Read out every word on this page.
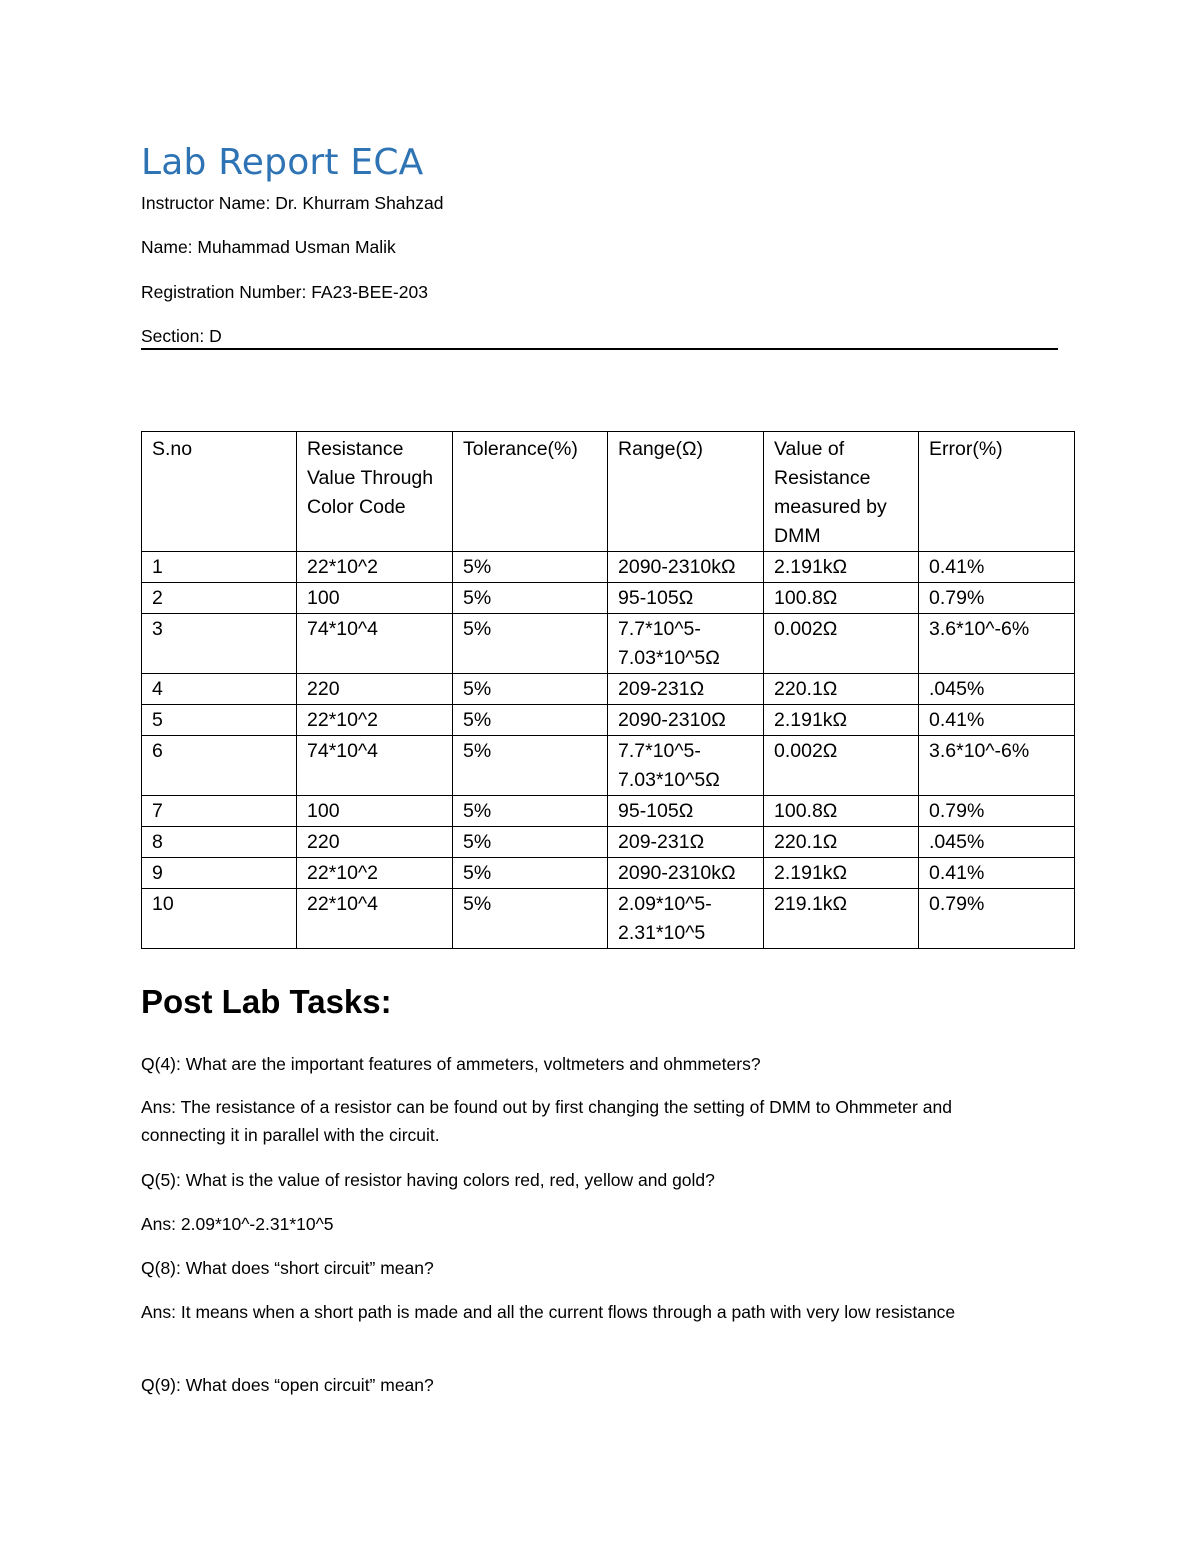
Lab Report ECA
Instructor Name: Dr. Khurram Shahzad
Name: Muhammad Usman Malik
Registration Number: FA23-BEE-203
Section: D
S.no	Resistance Value Through Color Code	Tolerance(%)	Range(Ω)	Value of Resistance measured by DMM	Error(%)
1	22*10^2	5%	2090-2310kΩ	2.191kΩ	0.41%
2	100	5%	95-105Ω	100.8Ω	0.79%
3	74*10^4	5%	7.7*10^5-7.03*10^5Ω	0.002Ω	3.6*10^-6%
4	220	5%	209-231Ω	220.1Ω	.045%
5	22*10^2	5%	2090-2310Ω	2.191kΩ	0.41%
6	74*10^4	5%	7.7*10^5-7.03*10^5Ω	0.002Ω	3.6*10^-6%
7	100	5%	95-105Ω	100.8Ω	0.79%
8	220	5%	209-231Ω	220.1Ω	.045%
9	22*10^2	5%	2090-2310kΩ	2.191kΩ	0.41%
10	22*10^4	5%	2.09*10^5-2.31*10^5	219.1kΩ	0.79%
Post Lab Tasks:
Q(4): What are the important features of ammeters, voltmeters and ohmmeters?
Ans: The resistance of a resistor can be found out by first changing the setting of DMM to Ohmmeter and connecting it in parallel with the circuit.
Q(5): What is the value of resistor having colors red, red, yellow and gold?
Ans: 2.09*10^-2.31*10^5
Q(8): What does “short circuit” mean?
Ans: It means when a short path is made and all the current flows through a path with very low resistance
Q(9): What does “open circuit” mean?
